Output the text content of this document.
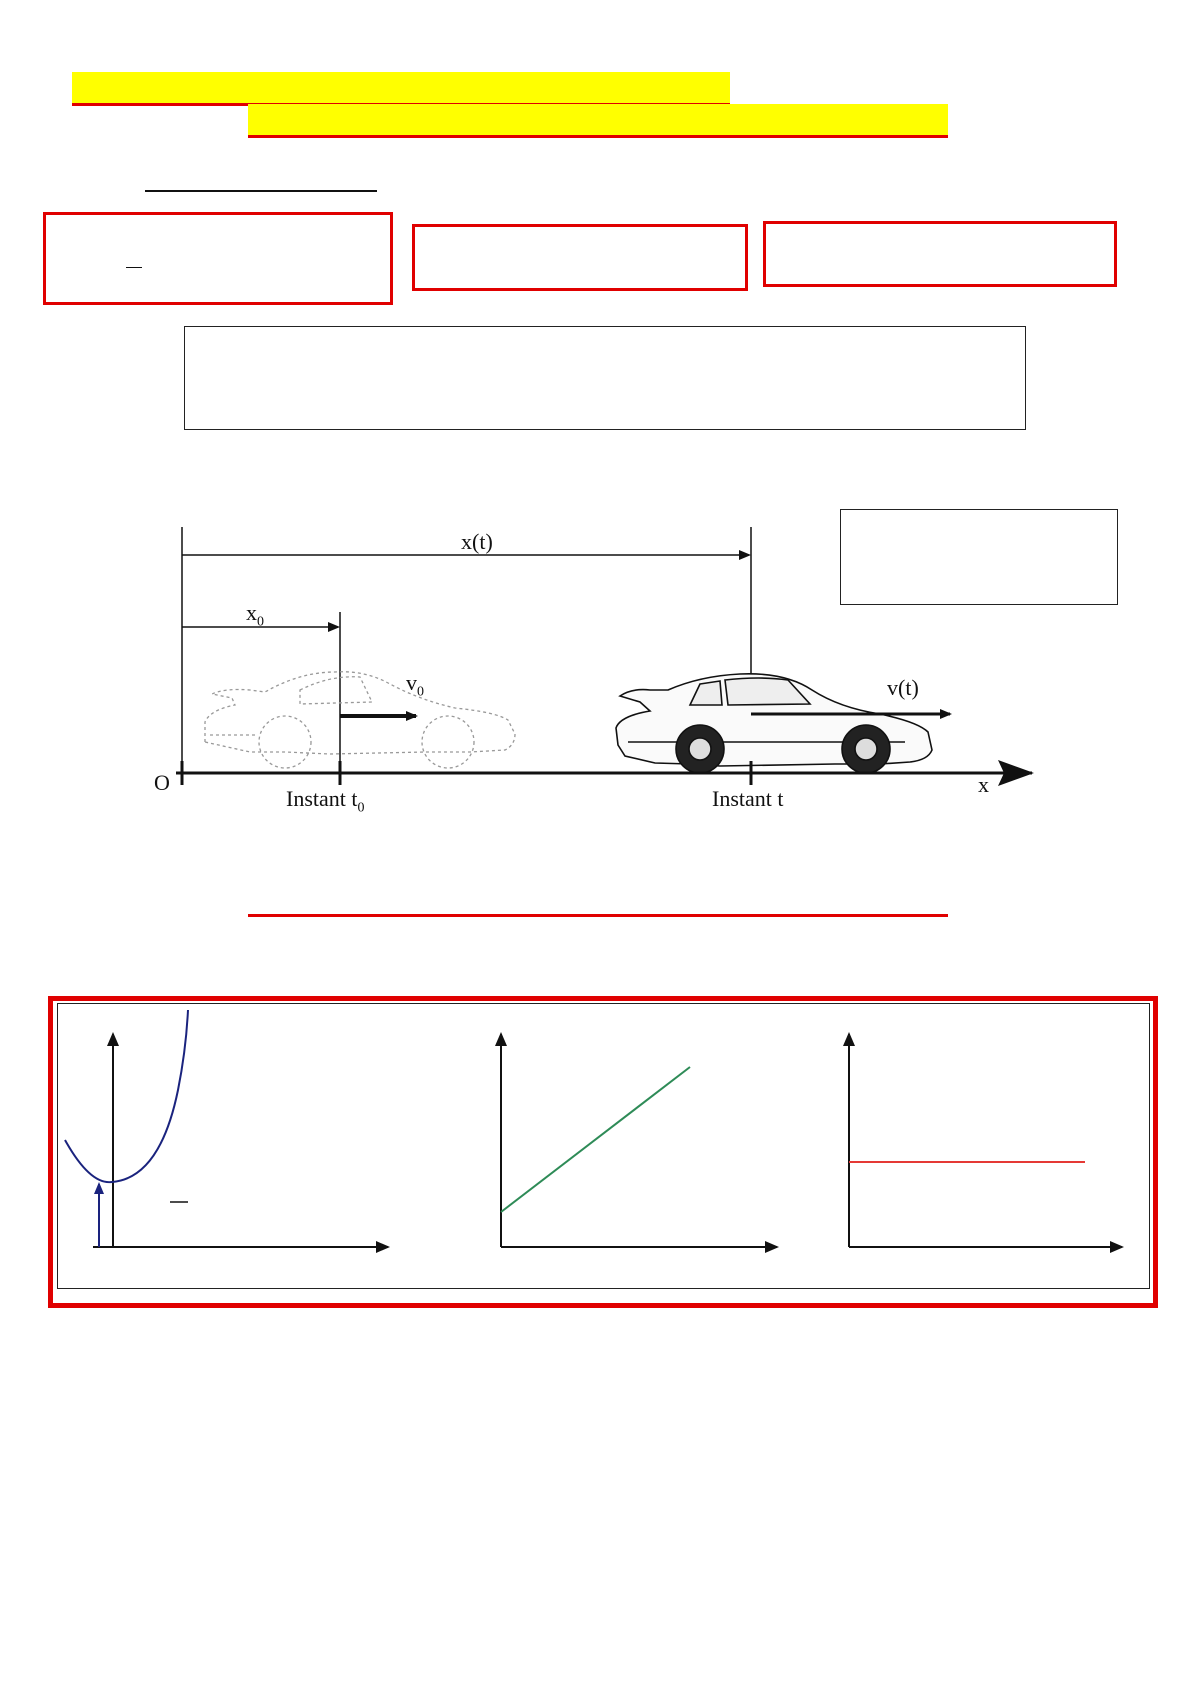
x(t)
$x_0$
$v_0$	v(t)
O	x
Instant $t_0$	Instant t
